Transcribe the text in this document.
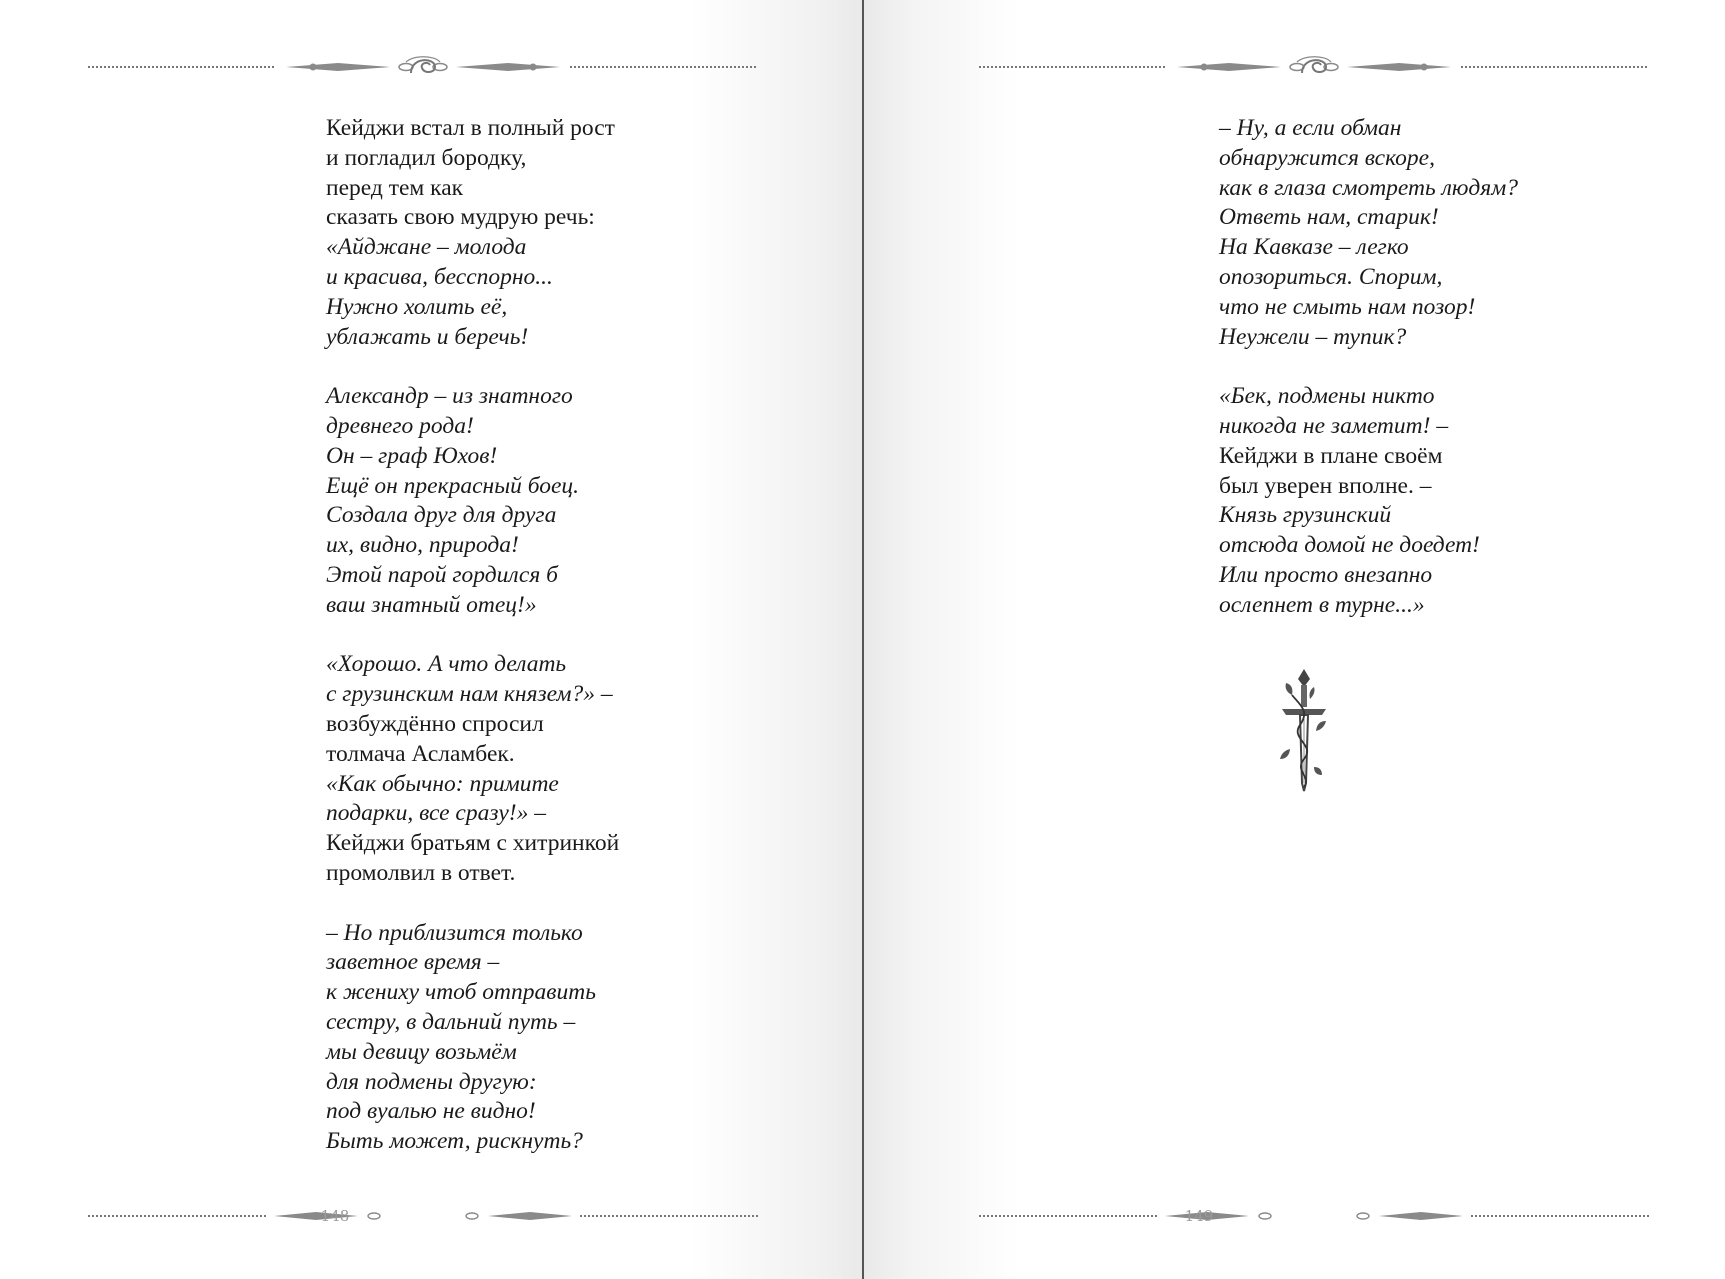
Кейджи встал в полный рост
и погладил бородку,
перед тем как
сказать свою мудрую речь:
«Айджане – молода
и красива, бесспорно...
Нужно холить её,
ублажать и беречь!
Александр – из знатного
древнего рода!
Он – граф Юхов!
Ещё он прекрасный боец.
Создала друг для друга
их, видно, природа!
Этой парой гордился б
ваш знатный отец!»
«Хорошо. А что делать
с грузинским нам князем?» –
возбуждённо спросил
толмача Асламбек.
«Как обычно: примите
подарки, все сразу!» –
Кейджи братьям с хитринкой
промолвил в ответ.
– Но приблизится только
заветное время –
к жениху чтоб отправить
сестру, в дальний путь –
мы девицу возьмём
для подмены другую:
под вуалью не видно!
Быть может, рискнуть?
148
– Ну, а если обман
обнаружится вскоре,
как в глаза смотреть людям?
Ответь нам, старик!
На Кавказе – легко
опозориться. Спорим,
что не смыть нам позор!
Неужели – тупик?
«Бек, подмены никто
никогда не заметит! –
Кейджи в плане своём
был уверен вполне. –
Князь грузинский
отсюда домой не доедет!
Или просто внезапно
ослепнет в турне...»
149
